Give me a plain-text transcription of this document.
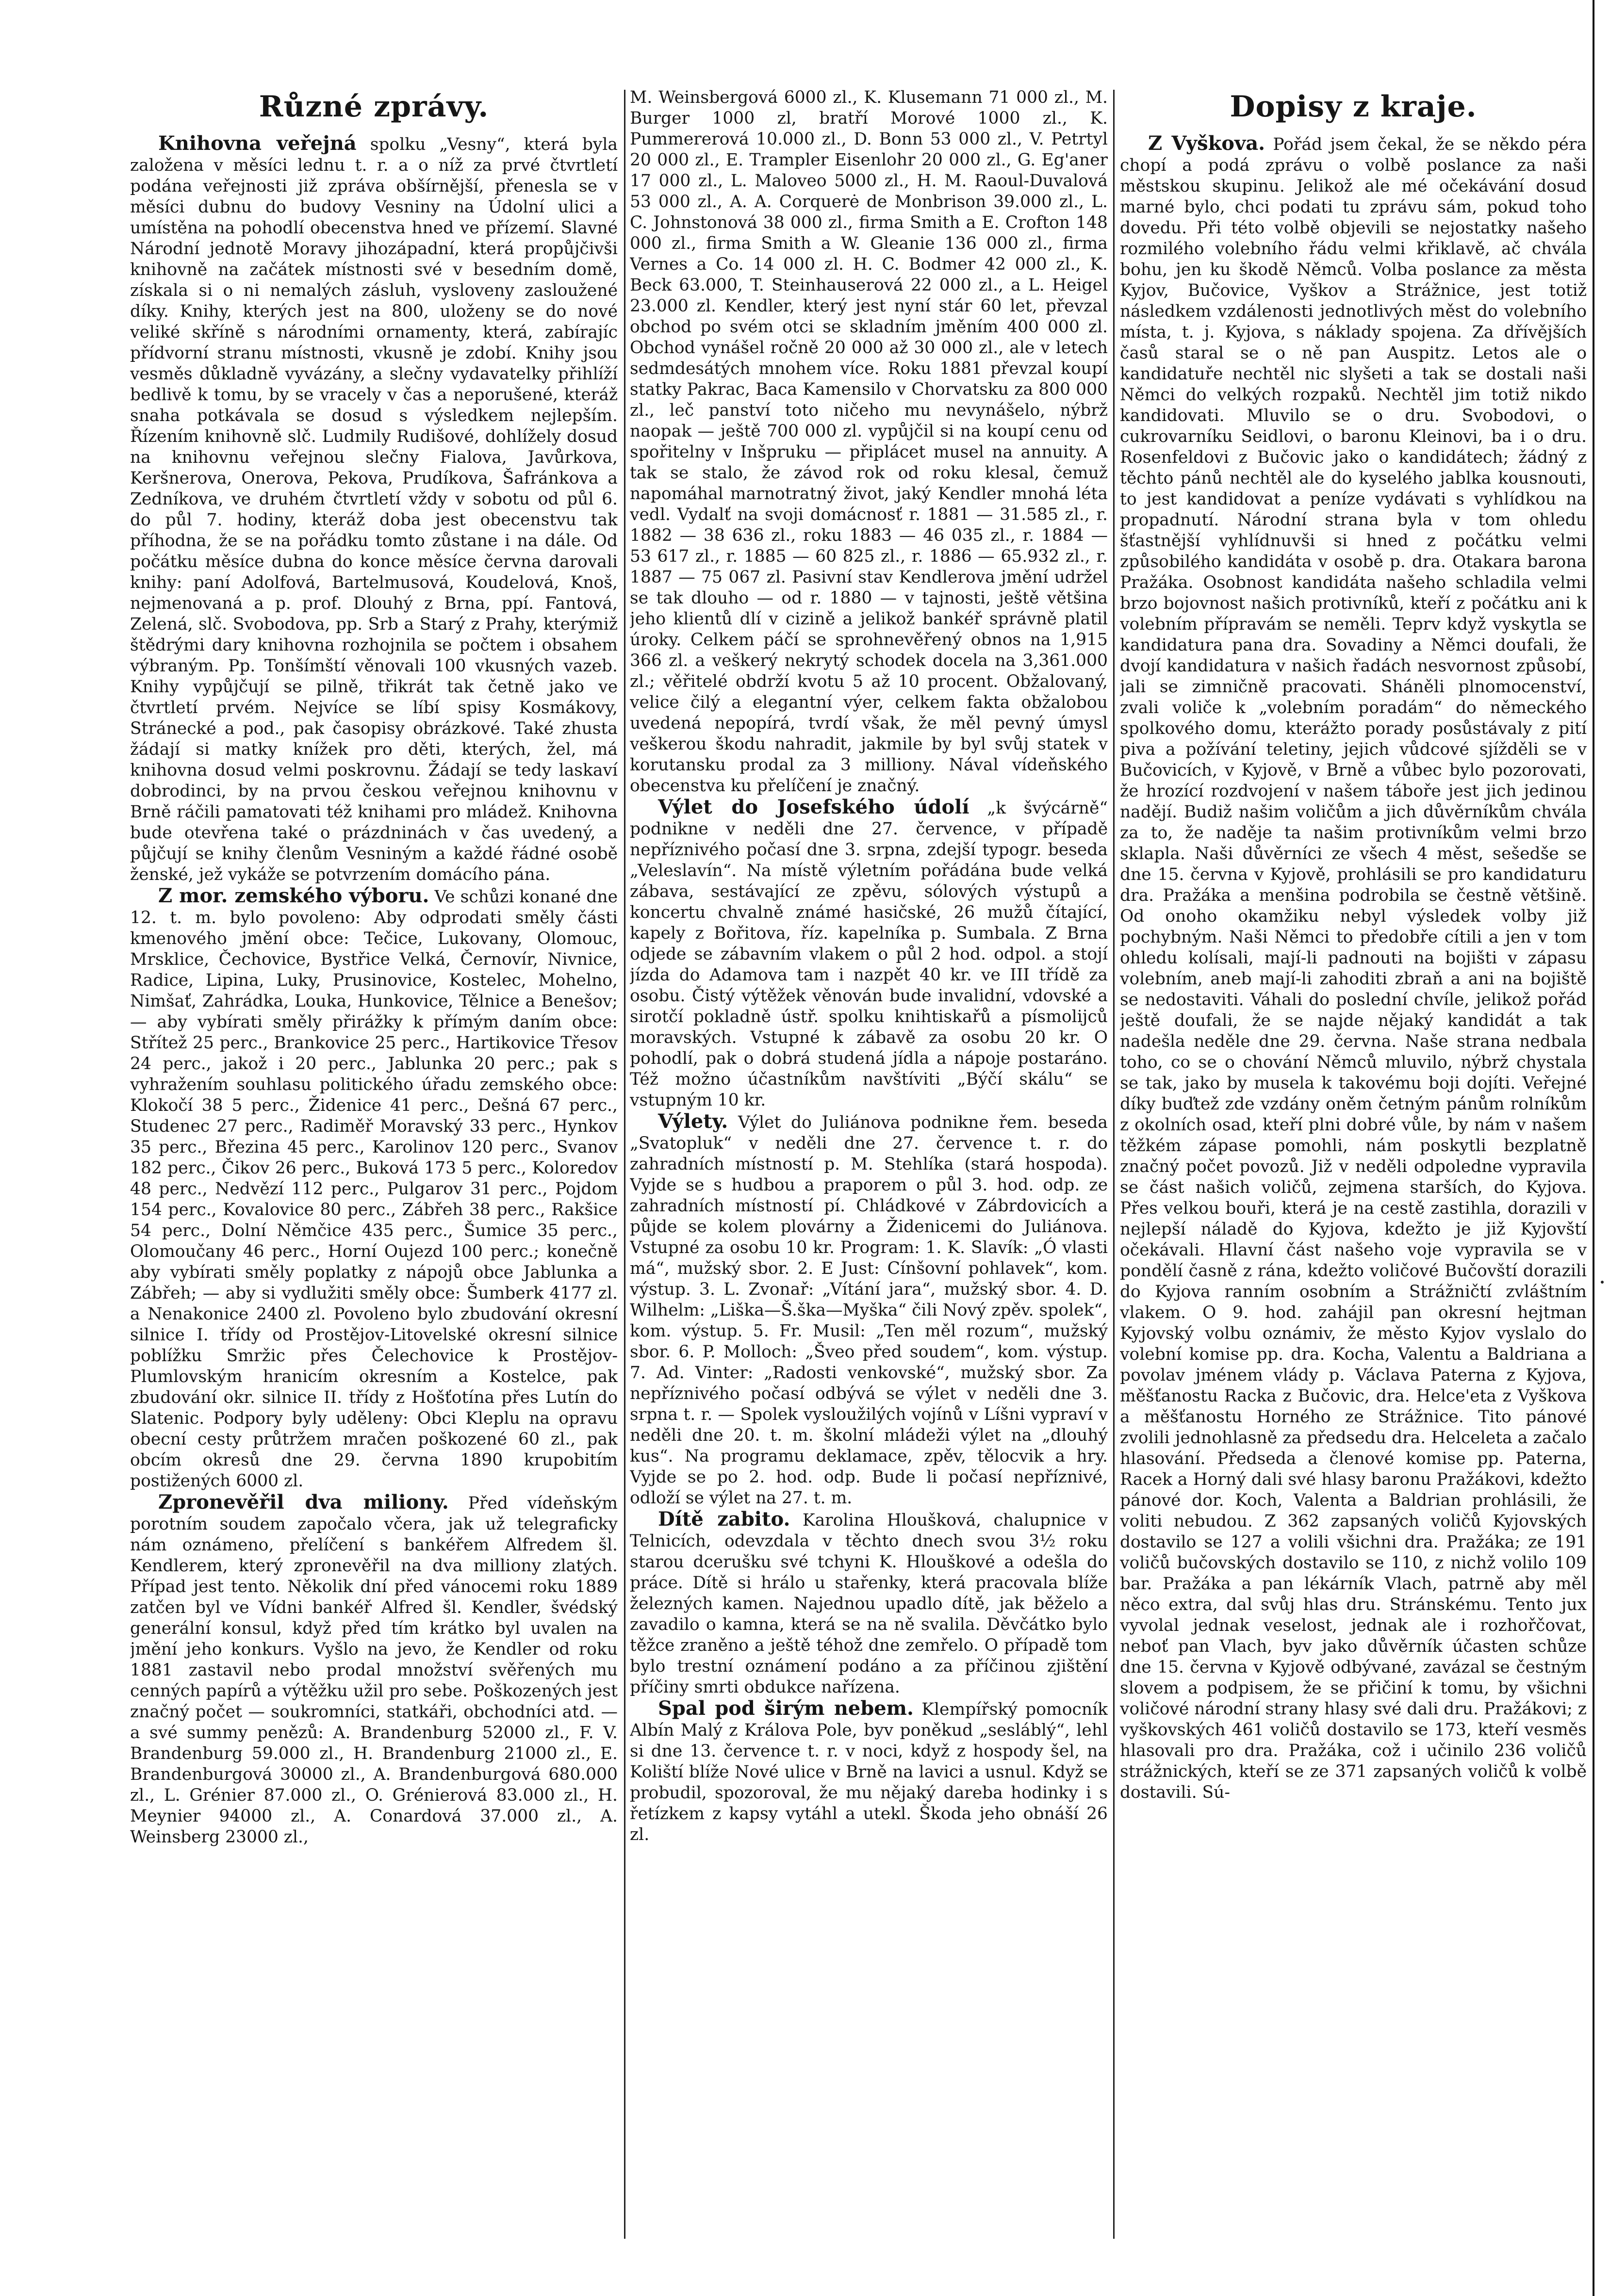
Různé zprávy.

Knihovna veřejná spolku „Vesny“, která byla založena v měsíci lednu t. r. a o níž za prvé čtvrtletí podána veřejnosti již zpráva obšírnější, přenesla se v měsíci dubnu do budovy Vesniny na Údolní ulici a umístěna na pohodlí obecenstva hned ve přízemí. Slavné Národní jednotě Moravy jihozápadní, která propůjčivši knihovně na začátek místnosti své v besedním domě, získala si o ni nemalých zásluh, vysloveny zasloužené díky. Knihy, kterých jest na 800, uloženy se do nové veliké skříně s národními ornamenty, která, zabírajíc přídvorní stranu místnosti, vkusně je zdobí. Knihy jsou vesměs důkladně vyvázány, a slečny vydavatelky přihlíží bedlivě k tomu, by se vracely v čas a neporušené, kteráž snaha potkávala se dosud s výsledkem nejlepším. Řízením knihovně slč. Ludmily Rudišové, dohlížely dosud na knihovnu veřejnou slečny Fialova, Javůrkova, Keršnerova, Onerova, Pekova, Prudíkova, Šafránkova a Zedníkova, ve druhém čtvrtletí vždy v sobotu od půl 6. do půl 7. hodiny, kteráž doba jest obecenstvu tak příhodna, že se na pořádku tomto zůstane i na dále. Od počátku měsíce dubna do konce měsíce června darovali knihy: paní Adolfová, Bartelmusová, Koudelová, Knoš, nejmenovaná a p. prof. Dlouhý z Brna, ppí. Fantová, Zelená, slč. Svobodova, pp. Srb a Starý z Prahy, kterýmiž štědrými dary knihovna rozhojnila se počtem i obsahem výbraným. Pp. Tonšímští věnovali 100 vkusných vazeb. Knihy vypůjčují se pilně, třikrát tak četně jako ve čtvrtletí prvém. Nejvíce se líbí spisy Kosmákovy, Stránecké a pod., pak časopisy obrázkové. Také zhusta žádají si matky knížek pro děti, kterých, žel, má knihovna dosud velmi poskrovnu. Žádají se tedy laskaví dobrodinci, by na prvou českou veřejnou knihovnu v Brně ráčili pamatovati též knihami pro mládež. Knihovna bude otevřena také o prázdninách v čas uvedený, a půjčují se knihy členům Vesniným a každé řádné osobě ženské, jež vykáže se potvrzením domácího pána.

Z mor. zemského výboru. Ve schůzi konané dne 12. t. m. bylo povoleno: Aby odprodati směly části kmenového jmění obce: Tečice, Lukovany, Olomouc, Mrsklice, Čechovice, Bystřice Velká, Černovír, Nivnice, Radice, Lipina, Luky, Prusinovice, Kostelec, Mohelno, Nimšať, Zahrádka, Louka, Hunkovice, Tělnice a Benešov; — aby vybírati směly přirážky k přímým daním obce: Střítež 25 perc., Brankovice 25 perc., Hartikovice Třesov 24 perc., jakož i 20 perc., Jablunka 20 perc.; pak s vyhražením souhlasu politického úřadu zemského obce: Klokočí 38 5 perc., Židenice 41 perc., Dešná 67 perc., Studenec 27 perc., Radiměř Moravský 33 perc., Hynkov 35 perc., Březina 45 perc., Karolinov 120 perc., Svanov 182 perc., Čikov 26 perc., Buková 173 5 perc., Koloredov 48 perc., Nedvězí 112 perc., Pulgarov 31 perc., Pojdom 154 perc., Kovalovice 80 perc., Zábřeh 38 perc., Rakšice 54 perc., Dolní Němčice 435 perc., Šumice 35 perc., Olomoučany 46 perc., Horní Oujezd 100 perc.; konečně aby vybírati směly poplatky z nápojů obce Jablunka a Zábřeh; — aby si vydlužiti směly obce: Šumberk 4177 zl. a Nenakonice 2400 zl. Povoleno bylo zbudování okresní silnice I. třídy od Prostějov-Litovelské okresní silnice poblížku Smržic přes Čelechovice k Prostějov-Plumlovským hranicím okresním a Kostelce, pak zbudování okr. silnice II. třídy z Hošťotína přes Lutín do Slatenic. Podpory byly uděleny: Obci Kleplu na opravu obecní cesty průtržem mračen poškozené 60 zl., pak obcím okresů dne 29. června 1890 krupobitím postižených 6000 zl.

Zpronevěřil dva miliony. Před vídeňským porotním soudem započalo včera, jak už telegraficky nám oznámeno, přelíčení s bankéřem Alfredem šl. Kendlerem, který zpronevěřil na dva milliony zlatých. Případ jest tento. Několik dní před vánocemi roku 1889 zatčen byl ve Vídni bankéř Alfred šl. Kendler, švédský generální konsul, když před tím krátko byl uvalen na jmění jeho konkurs. Vyšlo na jevo, že Kendler od roku 1881 zastavil nebo prodal množství svěřených mu cenných papírů a výtěžku užil pro sebe. Poškozených jest značný počet — soukromníci, statkáři, obchodníci atd. — a své summy penězů: A. Brandenburg 52000 zl., F. V. Brandenburg 59.000 zl., H. Brandenburg 21000 zl., E. Brandenburgová 30000 zl., A. Brandenburgová 680.000 zl., L. Grénier 87.000 zl., O. Grénierová 83.000 zl., H. Meynier 94000 zl., A. Conardová 37.000 zl., A. Weinsberg 23000 zl.,

M. Weinsbergová 6000 zl., K. Klusemann 71 000 zl., M. Burger 1000 zl, bratří Morové 1000 zl., K. Pummererová 10.000 zl., D. Bonn 53 000 zl., V. Petrtyl 20 000 zl., E. Trampler Eisenlohr 20 000 zl., G. Eg'aner 17 000 zl., L. Maloveo 5000 zl., H. M. Raoul-Duvalová 53 000 zl., A. A. Corquerė de Monbrison 39.000 zl., L. C. Johnstonová 38 000 zl., firma Smith a E. Crofton 148 000 zl., firma Smith a W. Gleanie 136 000 zl., firma Vernes a Co. 14 000 zl. H. C. Bodmer 42 000 zl., K. Beck 63.000, T. Steinhauserová 22 000 zl., a L. Heigel 23.000 zl. Kendler, který jest nyní stár 60 let, převzal obchod po svém otci se skladním jměním 400 000 zl. Obchod vynášel ročně 20 000 až 30 000 zl., ale v letech sedmdesátých mnohem více. Roku 1881 převzal koupí statky Pakrac, Baca Kamensilo v Chorvatsku za 800 000 zl., leč panství toto ničeho mu nevynášelo, nýbrž naopak — ještě 700 000 zl. vypůjčil si na koupí cenu od spořitelny v Inšpruku — připlácet musel na annuity. A tak se stalo, že závod rok od roku klesal, čemuž napomáhal marnotratný život, jaký Kendler mnohá léta vedl. Vydalť na svoji domácnosť r. 1881 — 31.585 zl., r. 1882 — 38 636 zl., roku 1883 — 46 035 zl., r. 1884 — 53 617 zl., r. 1885 — 60 825 zl., r. 1886 — 65.932 zl., r. 1887 — 75 067 zl. Pasivní stav Kendlerova jmění udržel se tak dlouho — od r. 1880 — v tajnosti, ještě většina jeho klientů dlí v cizině a jelikož bankéř správně platil úroky. Celkem páčí se sprohnevěřený obnos na 1,915 366 zl. a veškerý nekrytý schodek docela na 3,361.000 zl.; věřitelé obdrží kvotu 5 až 10 procent. Obžalovaný, velice čilý a elegantní výer, celkem fakta obžalobou uvedená nepopírá, tvrdí však, že měl pevný úmysl veškerou škodu nahradit, jakmile by byl svůj statek v korutansku prodal za 3 milliony. Nával vídeňského obecenstva ku přelíčení je značný.

Výlet do Josefského údolí „k švýcárně“ podnikne v neděli dne 27. července, v případě nepříznivého počasí dne 3. srpna, zdejší typogr. beseda „Veleslavín“. Na místě výletním pořádána bude velká zábava, sestávající ze zpěvu, sólových výstupů a koncertu chvalně známé hasičské, 26 mužů čítající, kapely z Bořitova, říz. kapelníka p. Sumbala. Z Brna odjede se zábavním vlakem o půl 2 hod. odpol. a stojí jízda do Adamova tam i nazpět 40 kr. ve III třídě za osobu. Čistý výtěžek věnován bude invalidní, vdovské a sirotčí pokladně ústř. spolku knihtiskařů a písmolijců moravských. Vstupné k zábavě za osobu 20 kr. O pohodlí, pak o dobrá studená jídla a nápoje postaráno. Též možno účastníkům navštíviti „Býčí skálu“ se vstupným 10 kr.

Výlety. Výlet do Juliánova podnikne řem. beseda „Svatopluk“ v neděli dne 27. července t. r. do zahradních místností p. M. Stehlíka (stará hospoda). Vyjde se s hudbou a praporem o půl 3. hod. odp. ze zahradních místností pí. Chládkové v Zábrdovicích a půjde se kolem plovárny a Židenicemi do Juliánova. Vstupné za osobu 10 kr. Program: 1. K. Slavík: „Ó vlasti má“, mužský sbor. 2. E Just: Cínšovní pohlavek“, kom. výstup. 3. L. Zvonař: „Vítání jara“, mužský sbor. 4. D. Wilhelm: „Liška—Š.ška—Myška“ čili Nový zpěv. spolek“, kom. výstup. 5. Fr. Musil: „Ten měl rozum“, mužský sbor. 6. P. Molloch: „Šveo před soudem“, kom. výstup. 7. Ad. Vinter: „Radosti venkovské“, mužský sbor. Za nepříznivého počasí odbývá se výlet v neděli dne 3. srpna t. r. — Spolek vysloužilých vojínů v Líšni vypraví v neděli dne 20. t. m. školní mládeži výlet na „dlouhý kus“. Na programu deklamace, zpěv, tělocvik a hry. Vyjde se po 2. hod. odp. Bude li počasí nepříznivé, odloží se výlet na 27. t. m.

Dítě zabito. Karolina Hloušková, chalupnice v Telnicích, odevzdala v těchto dnech svou 3½ roku starou dcerušku své tchyni K. Hlouškové a odešla do práce. Dítě si hrálo u stařenky, která pracovala blíže železných kamen. Najednou upadlo dítě, jak běželo a zavadilo o kamna, která se na ně svalila. Děvčátko bylo těžce zraněno a ještě téhož dne zemřelo. O případě tom bylo trestní oznámení podáno a za příčinou zjištění příčiny smrti obdukce nařízena.

Spal pod širým nebem. Klempířský pomocník Albín Malý z Králova Pole, byv poněkud „sesláblý“, lehl si dne 13. července t. r. v noci, když z hospody šel, na Koliští blíže Nové ulice v Brně na lavici a usnul. Když se probudil, spozoroval, že mu nějaký dareba hodinky i s řetízkem z kapsy vytáhl a utekl. Škoda jeho obnáší 26 zl.

Dopisy z kraje.

Z Vyškova. Pořád jsem čekal, že se někdo péra chopí a podá zprávu o volbě poslance za naši městskou skupinu. Jelikož ale mé očekávání dosud marné bylo, chci podati tu zprávu sám, pokud toho dovedu. Při této volbě objevili se nejostatky našeho rozmilého volebního řádu velmi křiklavě, ač chvála bohu, jen ku škodě Němců. Volba poslance za města Kyjov, Bučovice, Vyškov a Strážnice, jest totiž následkem vzdálenosti jednotlivých měst do volebního místa, t. j. Kyjova, s náklady spojena. Za dřívějších časů staral se o ně pan Auspitz. Letos ale o kandidatuře nechtěl nic slyšeti a tak se dostali naši Němci do velkých rozpaků. Nechtěl jim totiž nikdo kandidovati. Mluvilo se o dru. Svobodovi, o cukrovarníku Seidlovi, o baronu Kleinovi, ba i o dru. Rosenfeldovi z Bučovic jako o kandidátech; žádný z těchto pánů nechtěl ale do kyselého jablka kousnouti, to jest kandidovat a peníze vydávati s vyhlídkou na propadnutí. Národní strana byla v tom ohledu šťastnější vyhlídnuvši si hned z počátku velmi způsobilého kandidáta v osobě p. dra. Otakara barona Pražáka. Osobnost kandidáta našeho schladila velmi brzo bojovnost našich protivníků, kteří z počátku ani k volebním přípravám se neměli. Teprv když vyskytla se kandidatura pana dra. Sovadiny a Němci doufali, že dvojí kandidatura v našich řadách nesvornost způsobí, jali se zimničně pracovati. Sháněli plnomocenství, zvali voliče k „volebním poradám“ do německého spolkového domu, kterážto porady posůstávaly z pití piva a požívání teletiny, jejich vůdcové sjížděli se v Bučovicích, v Kyjově, v Brně a vůbec bylo pozorovati, že hrozící rozdvojení v našem táboře jest jich jedinou nadějí. Budiž našim voličům a jich důvěrníkům chvála za to, že naděje ta našim protivníkům velmi brzo sklapla. Naši důvěrníci ze všech 4 měst, sešedše se dne 15. června v Kyjově, prohlásili se pro kandidaturu dra. Pražáka a menšina podrobila se čestně většině. Od onoho okamžiku nebyl výsledek volby již pochybným. Naši Němci to předobře cítili a jen v tom ohledu kolísali, mají-li padnouti na bojišti v zápasu volebním, aneb mají-li zahoditi zbraň a ani na bojiště se nedostaviti. Váhali do poslední chvíle, jelikož pořád ještě doufali, že se najde nějaký kandidát a tak nadešla neděle dne 29. června. Naše strana nedbala toho, co se o chování Němců mluvilo, nýbrž chystala se tak, jako by musela k takovému boji dojíti. Veřejné díky buďtež zde vzdány oněm četným pánům rolníkům z okolních osad, kteří plni dobré vůle, by nám v našem těžkém zápase pomohli, nám poskytli bezplatně značný počet povozů. Již v neděli odpoledne vypravila se část našich voličů, zejmena starších, do Kyjova. Přes velkou bouři, která je na cestě zastihla, dorazili v nejlepší náladě do Kyjova, kdežto je již Kyjovští očekávali. Hlavní část našeho voje vypravila se v pondělí časně z rána, kdežto voličové Bučovští dorazili do Kyjova ranním osobním a Strážničtí zvláštním vlakem. O 9. hod. zahájil pan okresní hejtman Kyjovský volbu oznámiv, že město Kyjov vyslalo do volební komise pp. dra. Kocha, Valentu a Baldriana a povolav jménem vlády p. Václava Paterna z Kyjova, měšťanostu Racka z Bučovic, dra. Helce'eta z Vyškova a měšťanostu Horného ze Strážnice. Tito pánové zvolili jednohlasně za předsedu dra. Helceleta a začalo hlasování. Předseda a členové komise pp. Paterna, Racek a Horný dali své hlasy baronu Pražákovi, kdežto pánové dor. Koch, Valenta a Baldrian prohlásili, že voliti nebudou. Z 362 zapsaných voličů Kyjovských dostavilo se 127 a volili všichni dra. Pražáka; ze 191 voličů bučovských dostavilo se 110, z nichž volilo 109 bar. Pražáka a pan lékárník Vlach, patrně aby měl něco extra, dal svůj hlas dru. Stránskému. Tento jux vyvolal jednak veselost, jednak ale i rozhořčovat, neboť pan Vlach, byv jako důvěrník účasten schůze dne 15. června v Kyjově odbývané, zavázal se čestným slovem a podpisem, že se přičiní k tomu, by všichni voličové národní strany hlasy své dali dru. Pražákovi; z vyškovských 461 voličů dostavilo se 173, kteří vesměs hlasovali pro dra. Pražáka, což i učinilo 236 voličů strážnických, kteří se ze 371 zapsaných voličů k volbě dostavili. Sú-
